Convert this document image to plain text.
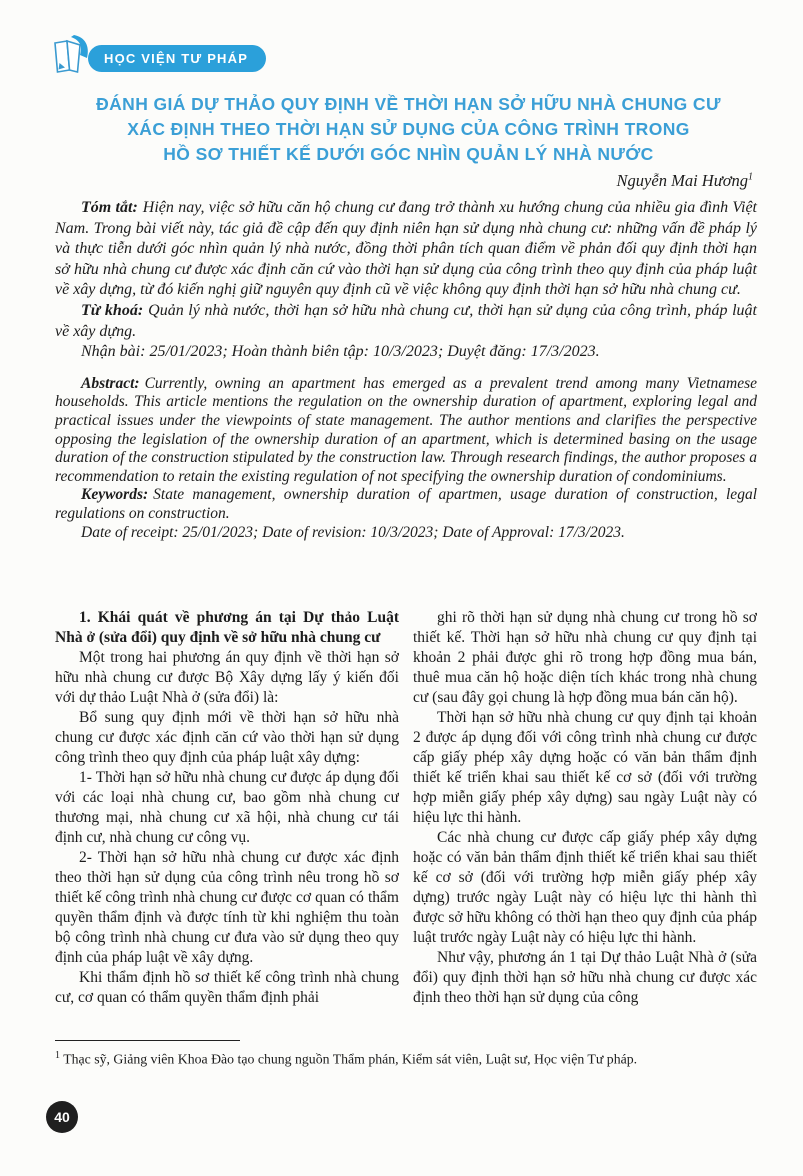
HỌC VIỆN TƯ PHÁP
ĐÁNH GIÁ DỰ THẢO QUY ĐỊNH VỀ THỜI HẠN SỞ HỮU NHÀ CHUNG CƯ
XÁC ĐỊNH THEO THỜI HẠN SỬ DỤNG CỦA CÔNG TRÌNH TRONG
HỒ SƠ THIẾT KẾ DƯỚI GÓC NHÌN QUẢN LÝ NHÀ NƯỚC
Nguyễn Mai Hương$^1$

Tóm tắt: Hiện nay, việc sở hữu căn hộ chung cư đang trở thành xu hướng chung của nhiều gia đình Việt Nam. Trong bài viết này, tác giả đề cập đến quy định niên hạn sử dụng nhà chung cư: những vấn đề pháp lý và thực tiễn dưới góc nhìn quản lý nhà nước, đồng thời phân tích quan điểm về phản đối quy định thời hạn sở hữu nhà chung cư được xác định căn cứ vào thời hạn sử dụng của công trình theo quy định của pháp luật về xây dựng, từ đó kiến nghị giữ nguyên quy định cũ về việc không quy định thời hạn sở hữu nhà chung cư.

Từ khoá: Quản lý nhà nước, thời hạn sở hữu nhà chung cư, thời hạn sử dụng của công trình, pháp luật về xây dựng.

Nhận bài: 25/01/2023; Hoàn thành biên tập: 10/3/2023; Duyệt đăng: 17/3/2023.

Abstract: Currently, owning an apartment has emerged as a prevalent trend among many Vietnamese households. This article mentions the regulation on the ownership duration of apartment, exploring legal and practical issues under the viewpoints of state management. The author mentions and clarifies the perspective opposing the legislation of the ownership duration of an apartment, which is determined basing on the usage duration of the construction stipulated by the construction law. Through research findings, the author proposes a recommendation to retain the existing regulation of not specifying the ownership duration of condominiums.

Keywords: State management, ownership duration of apartmen, usage duration of construction, legal regulations on construction.

Date of receipt: 25/01/2023; Date of revision: 10/3/2023; Date of Approval: 17/3/2023.

1. Khái quát về phương án tại Dự thảo Luật Nhà ở (sửa đổi) quy định về sở hữu nhà chung cư

Một trong hai phương án quy định về thời hạn sở hữu nhà chung cư được Bộ Xây dựng lấy ý kiến đối với dự thảo Luật Nhà ở (sửa đổi) là:

Bổ sung quy định mới về thời hạn sở hữu nhà chung cư được xác định căn cứ vào thời hạn sử dụng công trình theo quy định của pháp luật xây dựng:

1- Thời hạn sở hữu nhà chung cư được áp dụng đối với các loại nhà chung cư, bao gồm nhà chung cư thương mại, nhà chung cư xã hội, nhà chung cư tái định cư, nhà chung cư công vụ.

2- Thời hạn sở hữu nhà chung cư được xác định theo thời hạn sử dụng của công trình nêu trong hồ sơ thiết kế công trình nhà chung cư được cơ quan có thẩm quyền thẩm định và được tính từ khi nghiệm thu toàn bộ công trình nhà chung cư đưa vào sử dụng theo quy định của pháp luật về xây dựng.

Khi thẩm định hồ sơ thiết kế công trình nhà chung cư, cơ quan có thẩm quyền thẩm định phải

ghi rõ thời hạn sử dụng nhà chung cư trong hồ sơ thiết kế. Thời hạn sở hữu nhà chung cư quy định tại khoản 2 phải được ghi rõ trong hợp đồng mua bán, thuê mua căn hộ hoặc diện tích khác trong nhà chung cư (sau đây gọi chung là hợp đồng mua bán căn hộ).

Thời hạn sở hữu nhà chung cư quy định tại khoản 2 được áp dụng đối với công trình nhà chung cư được cấp giấy phép xây dựng hoặc có văn bản thẩm định thiết kế triển khai sau thiết kế cơ sở (đối với trường hợp miễn giấy phép xây dựng) sau ngày Luật này có hiệu lực thi hành.

Các nhà chung cư được cấp giấy phép xây dựng hoặc có văn bản thẩm định thiết kế triển khai sau thiết kế cơ sở (đối với trường hợp miễn giấy phép xây dựng) trước ngày Luật này có hiệu lực thi hành thì được sở hữu không có thời hạn theo quy định của pháp luật trước ngày Luật này có hiệu lực thi hành.

Như vậy, phương án 1 tại Dự thảo Luật Nhà ở (sửa đổi) quy định thời hạn sở hữu nhà chung cư được xác định theo thời hạn sử dụng của công

$^1$ Thạc sỹ, Giảng viên Khoa Đào tạo chung nguồn Thẩm phán, Kiểm sát viên, Luật sư, Học viện Tư pháp.

40
